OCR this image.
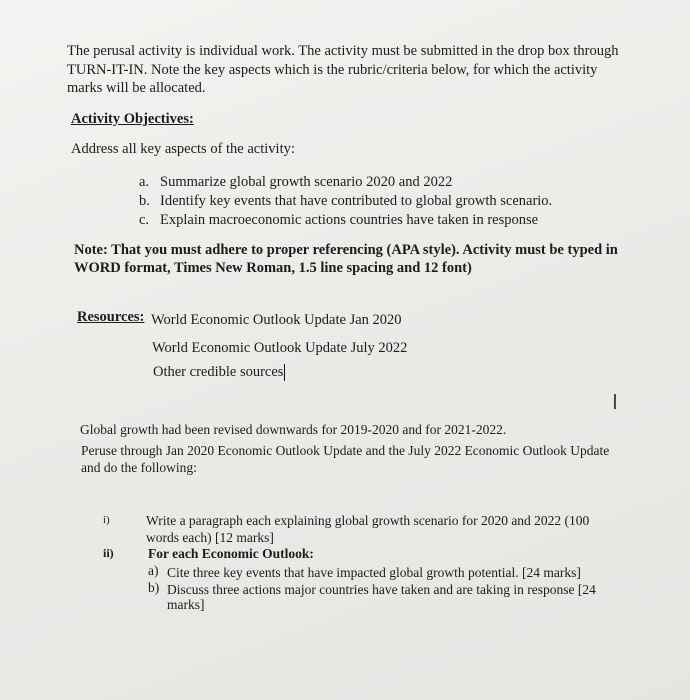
The perusal activity is individual work. The activity must be submitted in the drop box through
TURN-IT-IN. Note the key aspects which is the rubric/criteria below, for which the activity
marks will be allocated.
Activity Objectives:
Address all key aspects of the activity:
a. Summarize global growth scenario 2020 and 2022
b. Identify key events that have contributed to global growth scenario.
c. Explain macroeconomic actions countries have taken in response
Note: That you must adhere to proper referencing (APA style). Activity must be typed in
WORD format, Times New Roman, 1.5 line spacing and 12 font)
Resources: World Economic Outlook Update Jan 2020
World Economic Outlook Update July 2022
Other credible sources
I
Global growth had been revised downwards for 2019-2020 and for 2021-2022.
Peruse through Jan 2020 Economic Outlook Update and the July 2022 Economic Outlook Update
and do the following:
i)	Write a paragraph each explaining global growth scenario for 2020 and 2022 (100
words each) [12 marks]
ii)	For each Economic Outlook:
a) Cite three key events that have impacted global growth potential. [24 marks]
b) Discuss three actions major countries have taken and are taking in response [24
marks]
